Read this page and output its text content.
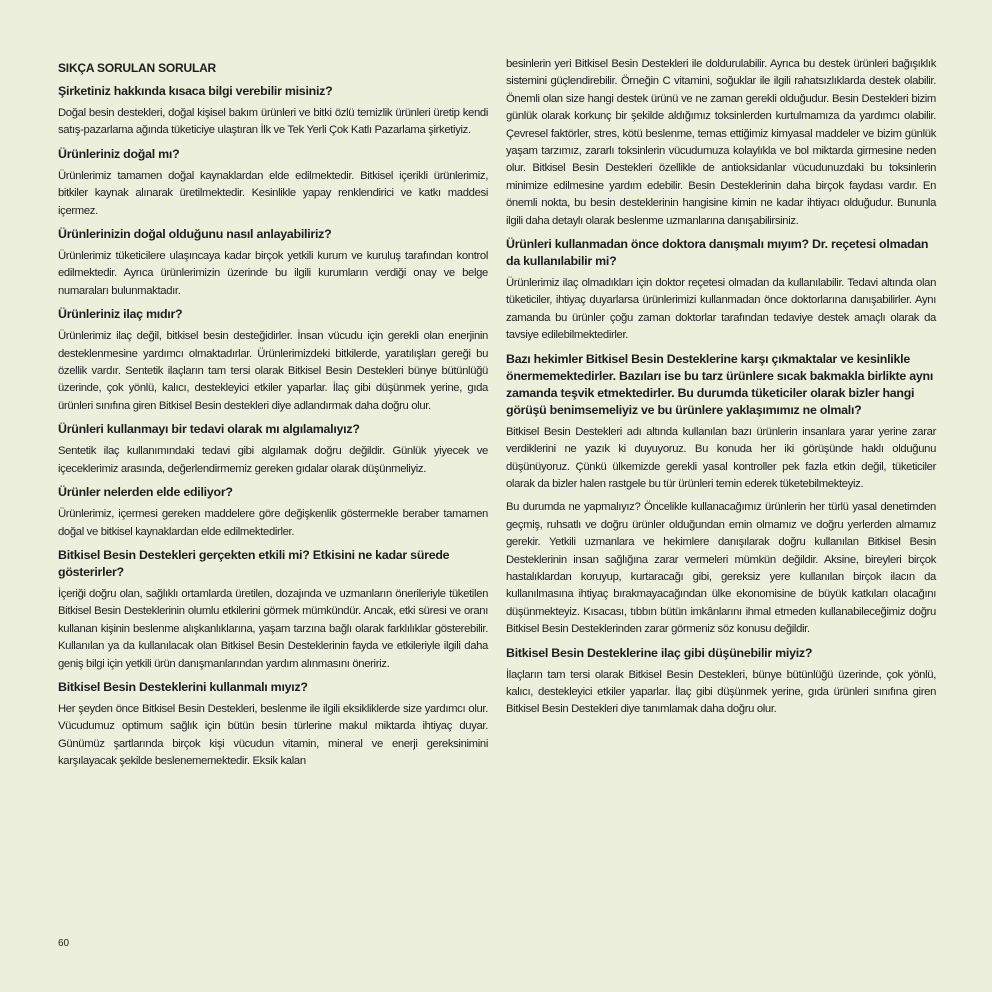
SIKÇA SORULAN SORULAR
Şirketiniz hakkında kısaca bilgi verebilir misiniz?
Doğal besin destekleri, doğal kişisel bakım ürünleri ve bitki özlü temizlik ürünleri üretip kendi satış-pazarlama ağında tüketiciye ulaştıran İlk ve Tek Yerli Çok Katlı Pazarlama şirketiyiz.
Ürünleriniz doğal mı?
Ürünlerimiz tamamen doğal kaynaklardan elde edilmektedir. Bitkisel içerikli ürünlerimiz, bitkiler kaynak alınarak üretilmektedir. Kesinlikle yapay renklendirici ve katkı maddesi içermez.
Ürünlerinizin doğal olduğunu nasıl anlayabiliriz?
Ürünlerimiz tüketicilere ulaşıncaya kadar birçok yetkili kurum ve kuruluş tarafından kontrol edilmektedir. Ayrıca ürünlerimizin üzerinde bu ilgili kurumların verdiği onay ve belge numaraları bulunmaktadır.
Ürünleriniz ilaç mıdır?
Ürünlerimiz ilaç değil, bitkisel besin desteğidirler. İnsan vücudu için gerekli olan enerjinin desteklenmesine yardımcı olmaktadırlar. Ürünlerimizdeki bitkilerde, yaratılışları gereği bu özellik vardır. Sentetik ilaçların tam tersi olarak Bitkisel Besin Destekleri bünye bütünlüğü üzerinde, çok yönlü, kalıcı, destekleyici etkiler yaparlar. İlaç gibi düşünmek yerine, gıda ürünleri sınıfına giren Bitkisel Besin destekleri diye adlandırmak daha doğru olur.
Ürünleri kullanmayı bir tedavi olarak mı algılamalıyız?
Sentetik ilaç kullanımındaki tedavi gibi algılamak doğru değildir. Günlük yiyecek ve içeceklerimiz arasında, değerlendirmemiz gereken gıdalar olarak düşünmeliyiz.
Ürünler nelerden elde ediliyor?
Ürünlerimiz, içermesi gereken maddelere göre değişkenlik göstermekle beraber tamamen doğal ve bitkisel kaynaklardan elde edilmektedirler.
Bitkisel Besin Destekleri gerçekten etkili mi? Etkisini ne kadar sürede gösterirler?
İçeriği doğru olan, sağlıklı ortamlarda üretilen, dozajında ve uzmanların önerileriyle tüketilen Bitkisel Besin Desteklerinin olumlu etkilerini görmek mümkündür. Ancak, etki süresi ve oranı kullanan kişinin beslenme alışkanlıklarına, yaşam tarzına bağlı olarak farklılıklar gösterebilir. Kullanılan ya da kullanılacak olan Bitkisel Besin Desteklerinin fayda ve etkileriyle ilgili daha geniş bilgi için yetkili ürün danışmanlarından yardım alınmasını öneririz.
Bitkisel Besin Desteklerini kullanmalı mıyız?
Her şeyden önce Bitkisel Besin Destekleri, beslenme ile ilgili eksikliklerde size yardımcı olur. Vücudumuz optimum sağlık için bütün besin türlerine makul miktarda ihtiyaç duyar. Günümüz şartlarında birçok kişi vücudun vitamin, mineral ve enerji gereksinimini karşılayacak şekilde beslenememektedir. Eksik kalan
besinlerin yeri Bitkisel Besin Destekleri ile doldurulabilir. Ayrıca bu destek ürünleri bağışıklık sistemini güçlendirebilir. Örneğin C vitamini, soğuklar ile ilgili rahatsızlıklarda destek olabilir. Önemli olan size hangi destek ürünü ve ne zaman gerekli olduğudur. Besin Destekleri bizim günlük olarak korkunç bir şekilde aldığımız toksinlerden kurtulmamıza da yardımcı olabilir. Çevresel faktörler, stres, kötü beslenme, temas ettiğimiz kimyasal maddeler ve bizim günlük yaşam tarzımız, zararlı toksinlerin vücudumuza kolaylıkla ve bol miktarda girmesine neden olur. Bitkisel Besin Destekleri özellikle de antioksidanlar vücudunuzdaki bu toksinlerin minimize edilmesine yardım edebilir. Besin Desteklerinin daha birçok faydası vardır. En önemli nokta, bu besin desteklerinin hangisine kimin ne kadar ihtiyacı olduğudur. Bununla ilgili daha detaylı olarak beslenme uzmanlarına danışabilirsiniz.
Ürünleri kullanmadan önce doktora danışmalı mıyım? Dr. reçetesi olmadan da kullanılabilir mi?
Ürünlerimiz ilaç olmadıkları için doktor reçetesi olmadan da kullanılabilir. Tedavi altında olan tüketiciler, ihtiyaç duyarlarsa ürünlerimizi kullanmadan önce doktorlarına danışabilirler. Aynı zamanda bu ürünler çoğu zaman doktorlar tarafından tedaviye destek amaçlı olarak da tavsiye edilebilmektedirler.
Bazı hekimler Bitkisel Besin Desteklerine karşı çıkmaktalar ve kesinlikle önermemektedirler. Bazıları ise bu tarz ürünlere sıcak bakmakla birlikte aynı zamanda teşvik etmektedirler. Bu durumda tüketiciler olarak bizler hangi görüşü benimsemeliyiz ve bu ürünlere yaklaşımımız ne olmalı?
Bitkisel Besin Destekleri adı altında kullanılan bazı ürünlerin insanlara yarar yerine zarar verdiklerini ne yazık ki duyuyoruz. Bu konuda her iki görüşünde haklı olduğunu düşünüyoruz. Çünkü ülkemizde gerekli yasal kontroller pek fazla etkin değil, tüketiciler olarak da bizler halen rastgele bu tür ürünleri temin ederek tüketebilmekteyiz.
Bu durumda ne yapmalıyız? Öncelikle kullanacağımız ürünlerin her türlü yasal denetimden geçmiş, ruhsatlı ve doğru ürünler olduğundan emin olmamız ve doğru yerlerden almamız gerekir. Yetkili uzmanlara ve hekimlere danışılarak doğru kullanılan Bitkisel Besin Desteklerinin insan sağlığına zarar vermeleri mümkün değildir. Aksine, bireyleri birçok hastalıklardan koruyup, kurtaracağı gibi, gereksiz yere kullanılan birçok ilacın da kullanılmasına ihtiyaç bırakmayacağından ülke ekonomisine de büyük katkıları olacağını düşünmekteyiz. Kısacası, tıbbın bütün imkânlarını ihmal etmeden kullanabileceğimiz doğru Bitkisel Besin Desteklerinden zarar görmeniz söz konusu değildir.
Bitkisel Besin Desteklerine ilaç gibi düşünebilir miyiz?
İlaçların tam tersi olarak Bitkisel Besin Destekleri, bünye bütünlüğü üzerinde, çok yönlü, kalıcı, destekleyici etkiler yaparlar. İlaç gibi düşünmek yerine, gıda ürünleri sınıfına giren Bitkisel Besin Destekleri diye tanımlamak daha doğru olur.
60
